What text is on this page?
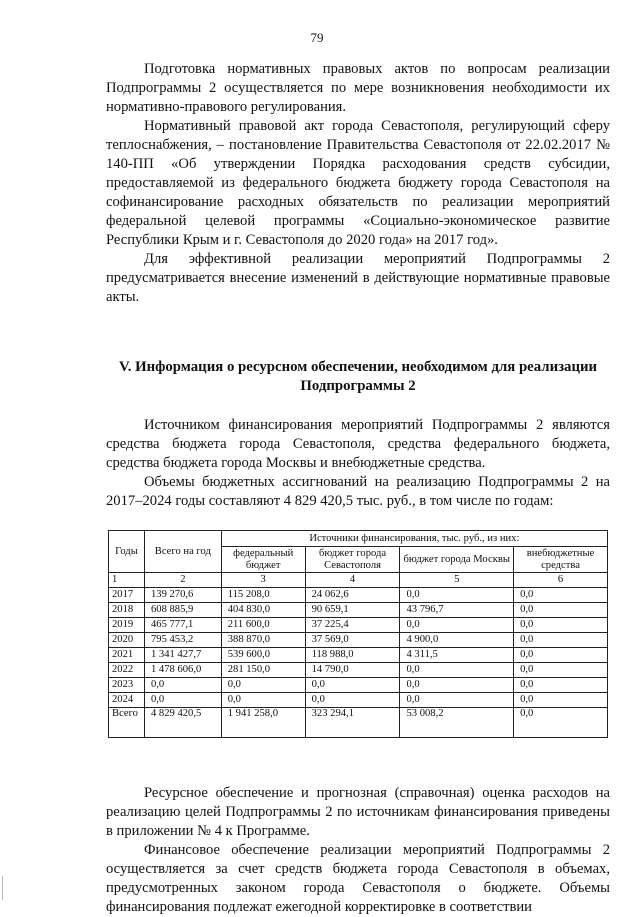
79

Подготовка нормативных правовых актов по вопросам реализации Подпрограммы 2 осуществляется по мере возникновения необходимости их нормативно-правового регулирования.

Нормативный правовой акт города Севастополя, регулирующий сферу теплоснабжения, – постановление Правительства Севастополя от 22.02.2017 № 140-ПП «Об утверждении Порядка расходования средств субсидии, предоставляемой из федерального бюджета бюджету города Севастополя на софинансирование расходных обязательств по реализации мероприятий федеральной целевой программы «Социально-экономическое развитие Республики Крым и г. Севастополя до 2020 года» на 2017 год».

Для эффективной реализации мероприятий Подпрограммы 2 предусматривается внесение изменений в действующие нормативные правовые акты.

V. Информация о ресурсном обеспечении, необходимом для реализации
Подпрограммы 2

Источником финансирования мероприятий Подпрограммы 2 являются средства бюджета города Севастополя, средства федерального бюджета, средства бюджета города Москвы и внебюджетные средства.

Объемы бюджетных ассигнований на реализацию Подпрограммы 2 на 2017–2024 годы составляют 4 829 420,5 тыс. руб., в том числе по годам:

Годы	Всего на год	Источники финансирования, тыс. руб., из них:			
		федеральный бюджет	бюджет города Севастополя	бюджет города Москвы	внебюджетные средства
1	2	3	4	5	6
2017	139 270,6	115 208,0	24 062,6	0,0	0,0
2018	608 885,9	404 830,0	90 659,1	43 796,7	0,0
2019	465 777,1	211 600,0	37 225,4	0,0	0,0
2020	795 453,2	388 870,0	37 569,0	4 900,0	0,0
2021	1 341 427,7	539 600,0	118 988,0	4 311,5	0,0
2022	1 478 606,0	281 150,0	14 790,0	0,0	0,0
2023	0,0	0,0	0,0	0,0	0,0
2024	0,0	0,0	0,0	0,0	0,0
Всего	4 829 420,5	1 941 258,0	323 294,1	53 008,2	0,0

Ресурсное обеспечение и прогнозная (справочная) оценка расходов на реализацию целей Подпрограммы 2 по источникам финансирования приведены в приложении № 4 к Программе.

Финансовое обеспечение реализации мероприятий Подпрограммы 2 осуществляется за счет средств бюджета города Севастополя в объемах, предусмотренных законом города Севастополя о бюджете. Объемы финансирования подлежат ежегодной корректировке в соответствии
